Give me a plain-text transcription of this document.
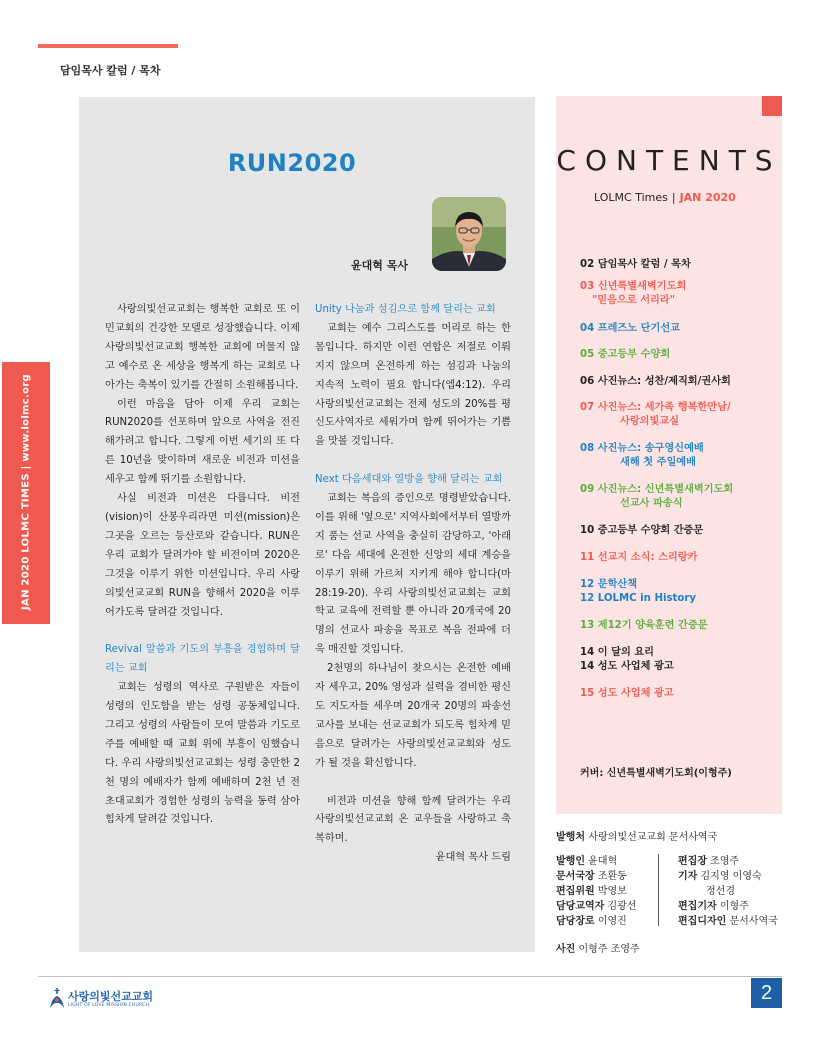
담임목사 칼럼 / 목차
JAN 2020 LOLMC TIMES | www.lolmc.org
RUN2020
윤대혁 목사

사랑의빛선교교회는 행복한 교회로 또 이민교회의 건강한 모델로 성장했습니다. 이제 사랑의빛선교교회 행복한 교회에 머물지 않고 예수로 온 세상을 행복게 하는 교회로 나아가는 축복이 있기를 간절히 소원해봅니다.

이런 마음을 담아 이제 우리 교회는 RUN2020를 선포하며 앞으로 사역을 전진해가려고 합니다. 그렇게 이번 세기의 또 다른 10년을 맞이하며 새로운 비전과 미션을 세우고 함께 뛰기를 소원합니다.

사실 비전과 미션은 다릅니다. 비전(vision)이 산봉우리라면 미션(mission)은 그곳을 오르는 등산로와 같습니다. RUN은 우리 교회가 달려가야 할 비전이며 2020은 그것을 이루기 위한 미션입니다. 우리 사랑의빛선교교회 RUN을 향해서 2020을 이루어가도록 달려갈 것입니다.

Revival 말씀과 기도의 부흥을 경험하며 달리는 교회

교회는 성령의 역사로 구원받은 자들이 성령의 인도함을 받는 성령 공동체입니다. 그리고 성령의 사람들이 모여 말씀과 기도로 주를 예배할 때 교회 위에 부흥이 임했습니다. 우리 사랑의빛선교교회는 성령 충만한 2천 명의 예배자가 함께 예배하며 2천 년 전 초대교회가 경험한 성령의 능력을 동력 삼아 힘차게 달려갈 것입니다.

Unity 나눔과 섬김으로 함께 달리는 교회

교회는 예수 그리스도를 머리로 하는 한 몸입니다. 하지만 이런 연합은 저절로 이뤄지지 않으며 온전하게 하는 섬김과 나눔의 지속적 노력이 필요 합니다(엡4:12). 우리 사랑의빛선교교회는 전체 성도의 20%를 평신도사역자로 세워가며 함께 뛰어가는 기쁨을 맛볼 것입니다.

Next 다음세대와 열방을 향해 달리는 교회

교회는 복음의 증인으로 명령받았습니다. 이를 위해 '옆으로' 지역사회에서부터 열방까지 품는 선교 사역을 충실히 감당하고, '아래로' 다음 세대에 온전한 신앙의 세대 계승을 이루기 위해 가르쳐 지키게 해야 합니다(마 28:19-20). 우리 사랑의빛선교교회는 교회학교 교육에 전력할 뿐 아니라 20개국에 20 명의 선교사 파송을 목표로 복음 전파에 더욱 매진할 것입니다.

2천명의 하나님이 찾으시는 온전한 예배자 세우고, 20% 영성과 실력을 겸비한 평신도 지도자들 세우며 20개국 20명의 파송선교사를 보내는 선교교회가 되도록 힘차게 믿음으로 달려가는 사랑의빛선교교회와 성도가 될 것을 확신합니다.

비전과 미션을 향해 함께 달려가는 우리 사랑의빛선교교회 온 교우들을 사랑하고 축복하며.

윤대혁 목사 드림
CONTENTS
LOLMC Times | JAN 2020
02 담임목사 칼럼 / 목차
03 신년특별새벽기도회
"믿음으로 서리라"
04 프레즈노 단기선교
05 중고등부 수양회
06 사진뉴스: 성찬/제직회/권사회
07 사진뉴스: 세가족 행복한만남/
사랑의빛교실
08 사진뉴스: 송구영신예배
새해 첫 주일예배
09 사진뉴스: 신년특별새벽기도회
선교사 파송식
10 중고등부 수양회 간증문
11 선교지 소식: 스리랑카
12 문학산책
12 LOLMC in History
13 제12기 양육훈련 간증문
14 이 달의 요리
14 성도 사업체 광고
15 성도 사업체 광고
커버: 신년특별새벽기도회(이형주)
발행처 사랑의빛선교교회 문서사역국
발행인 윤대혁
문서국장 조환동
편집위원 박영보
담당교역자 김광선
담당장로 이영진
편집장 조영주
기자 김지영 이영숙
정선경
편집기자 이형주
편집디자인 문서사역국
사진 이형주 조영주
사랑의빛선교교회
LIGHT OF LOVE MISSION CHURCH
2
